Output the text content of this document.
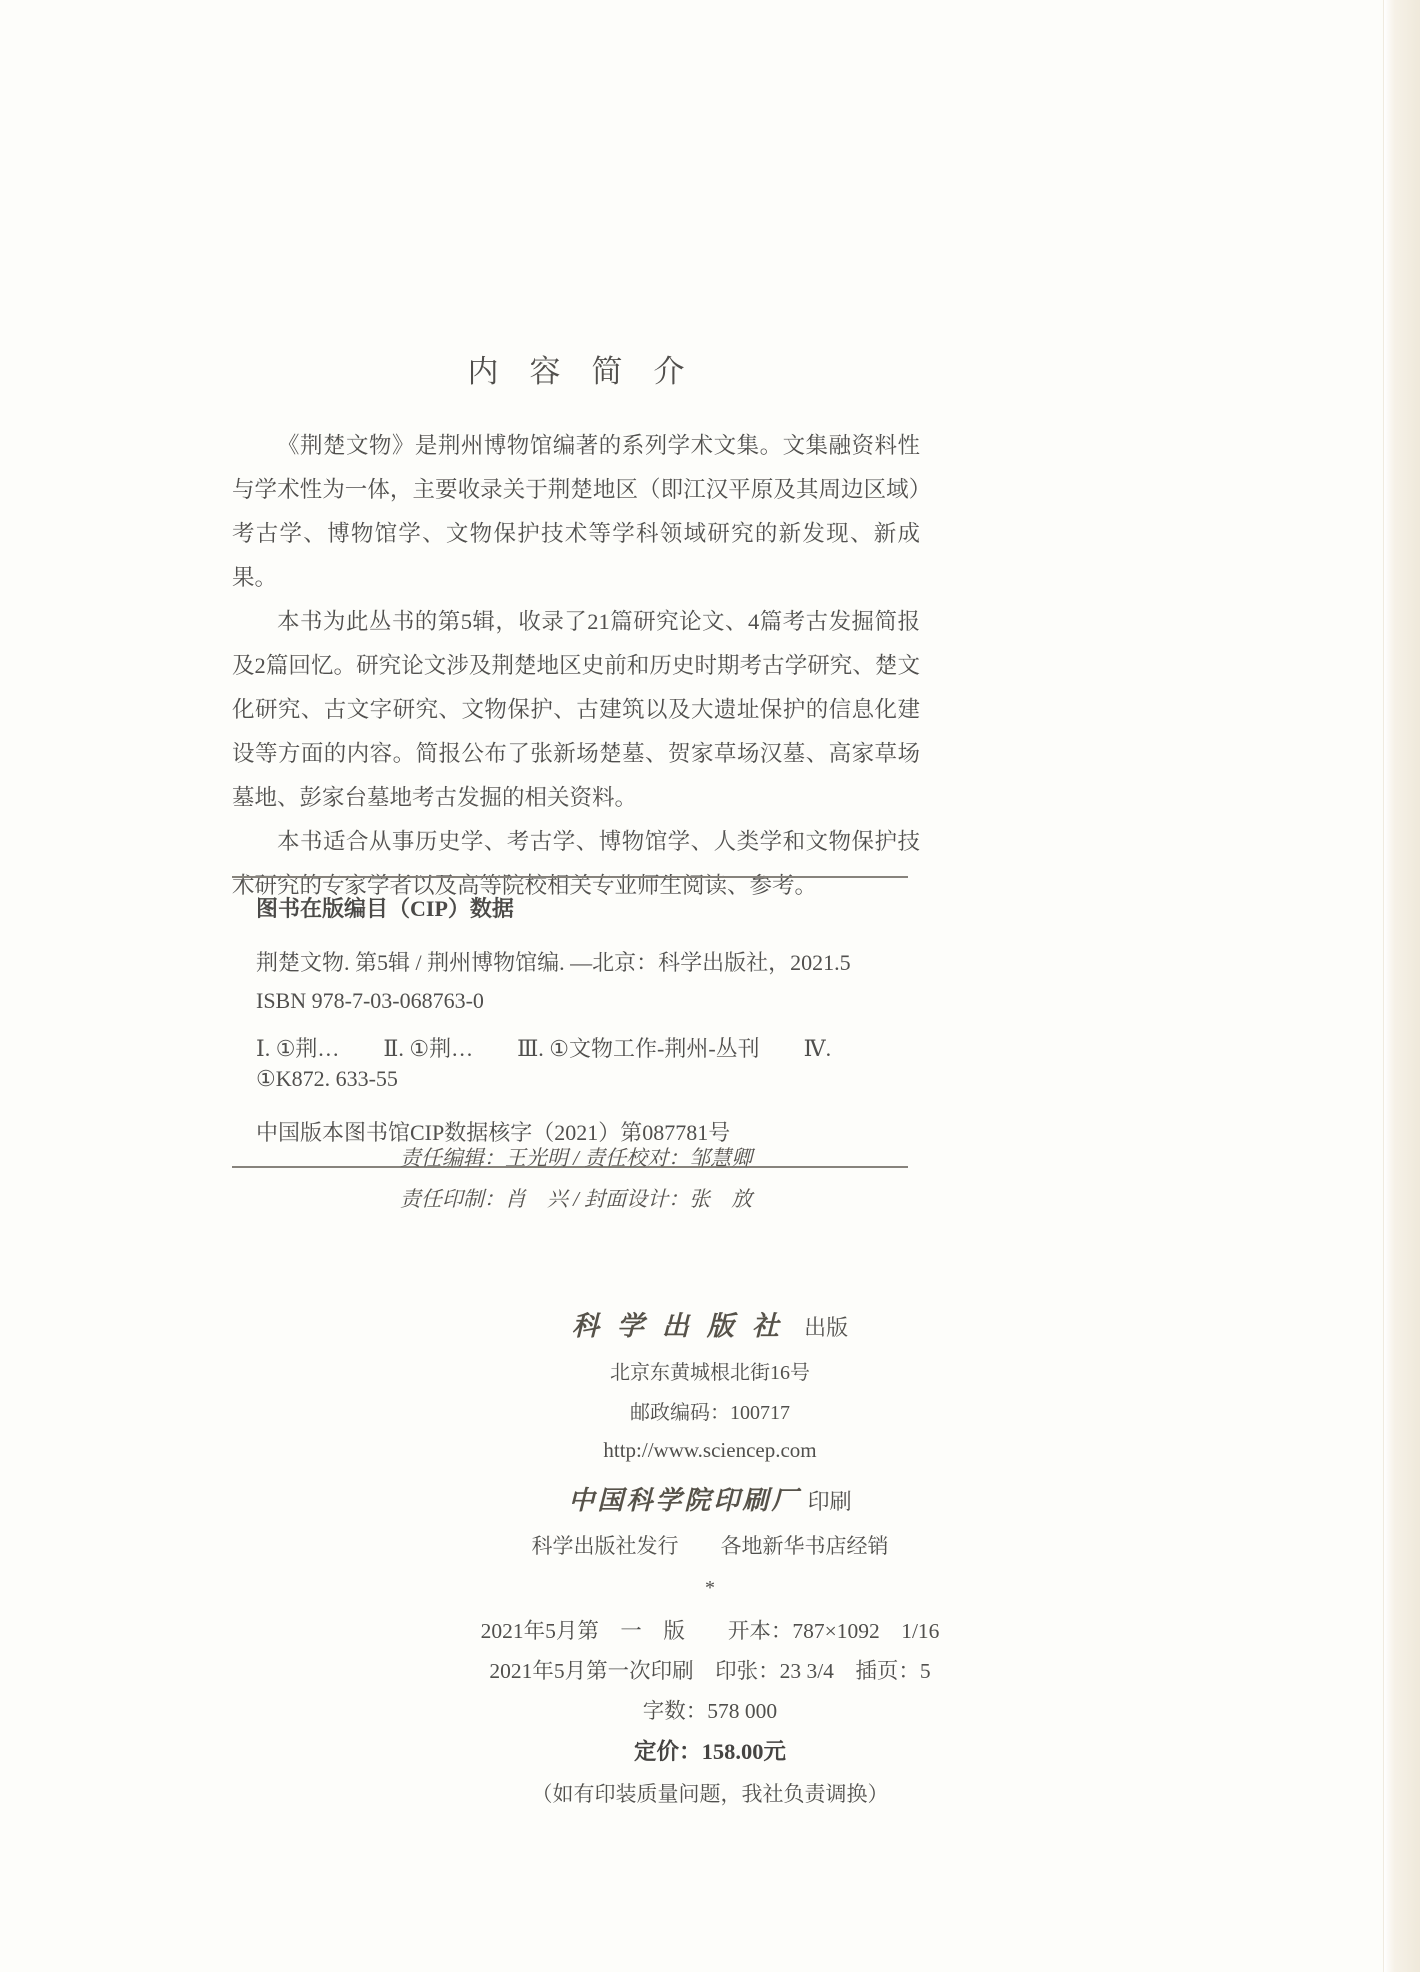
内　容　简　介

《荆楚文物》是荆州博物馆编著的系列学术文集。文集融资料性与学术性为一体，主要收录关于荆楚地区（即江汉平原及其周边区域）考古学、博物馆学、文物保护技术等学科领域研究的新发现、新成果。

本书为此丛书的第5辑，收录了21篇研究论文、4篇考古发掘简报及2篇回忆。研究论文涉及荆楚地区史前和历史时期考古学研究、楚文化研究、古文字研究、文物保护、古建筑以及大遗址保护的信息化建设等方面的内容。简报公布了张新场楚墓、贺家草场汉墓、高家草场墓地、彭家台墓地考古发掘的相关资料。

本书适合从事历史学、考古学、博物馆学、人类学和文物保护技术研究的专家学者以及高等院校相关专业师生阅读、参考。

图书在版编目（CIP）数据
荆楚文物. 第5辑 / 荆州博物馆编. —北京：科学出版社，2021.5
ISBN 978-7-03-068763-0
Ⅰ. ①荆…　　Ⅱ. ①荆…　　Ⅲ. ①文物工作-荆州-丛刊　　Ⅳ. ①K872. 633-55
中国版本图书馆CIP数据核字（2021）第087781号
责任编辑：王光明 / 责任校对：邹慧卿
责任印制：肖　兴 / 封面设计：张　放
科学出版社 出版
北京东黄城根北街16号
邮政编码：100717
http://www.sciencep.com
中国科学院印刷厂 印刷
科学出版社发行　　各地新华书店经销
*
2021年5月第　一　版　　开本：787×1092　1/16
2021年5月第一次印刷　印张：23 3/4　插页：5
字数：578 000
定价：158.00元
（如有印装质量问题，我社负责调换）
